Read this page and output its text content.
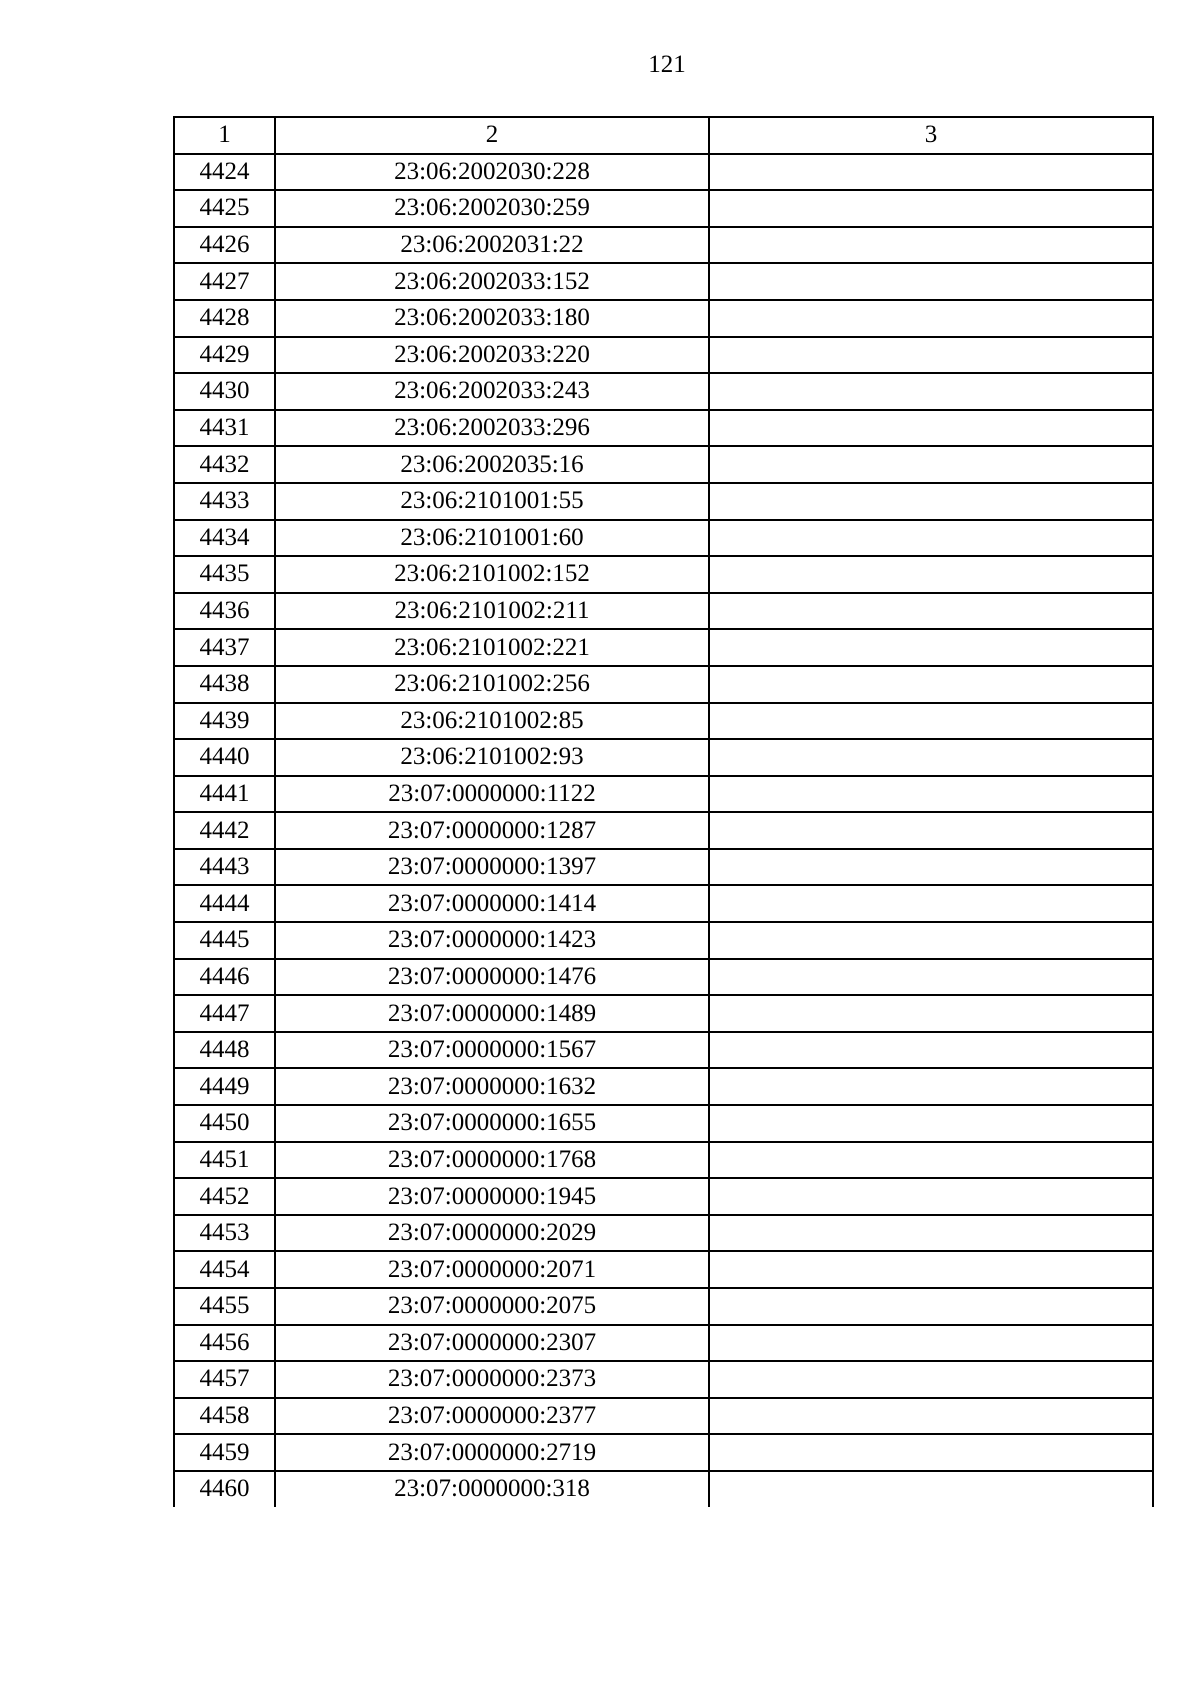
121
1	2	3
4424	23:06:2002030:228	
4425	23:06:2002030:259	
4426	23:06:2002031:22	
4427	23:06:2002033:152	
4428	23:06:2002033:180	
4429	23:06:2002033:220	
4430	23:06:2002033:243	
4431	23:06:2002033:296	
4432	23:06:2002035:16	
4433	23:06:2101001:55	
4434	23:06:2101001:60	
4435	23:06:2101002:152	
4436	23:06:2101002:211	
4437	23:06:2101002:221	
4438	23:06:2101002:256	
4439	23:06:2101002:85	
4440	23:06:2101002:93	
4441	23:07:0000000:1122	
4442	23:07:0000000:1287	
4443	23:07:0000000:1397	
4444	23:07:0000000:1414	
4445	23:07:0000000:1423	
4446	23:07:0000000:1476	
4447	23:07:0000000:1489	
4448	23:07:0000000:1567	
4449	23:07:0000000:1632	
4450	23:07:0000000:1655	
4451	23:07:0000000:1768	
4452	23:07:0000000:1945	
4453	23:07:0000000:2029	
4454	23:07:0000000:2071	
4455	23:07:0000000:2075	
4456	23:07:0000000:2307	
4457	23:07:0000000:2373	
4458	23:07:0000000:2377	
4459	23:07:0000000:2719	
4460	23:07:0000000:318	
